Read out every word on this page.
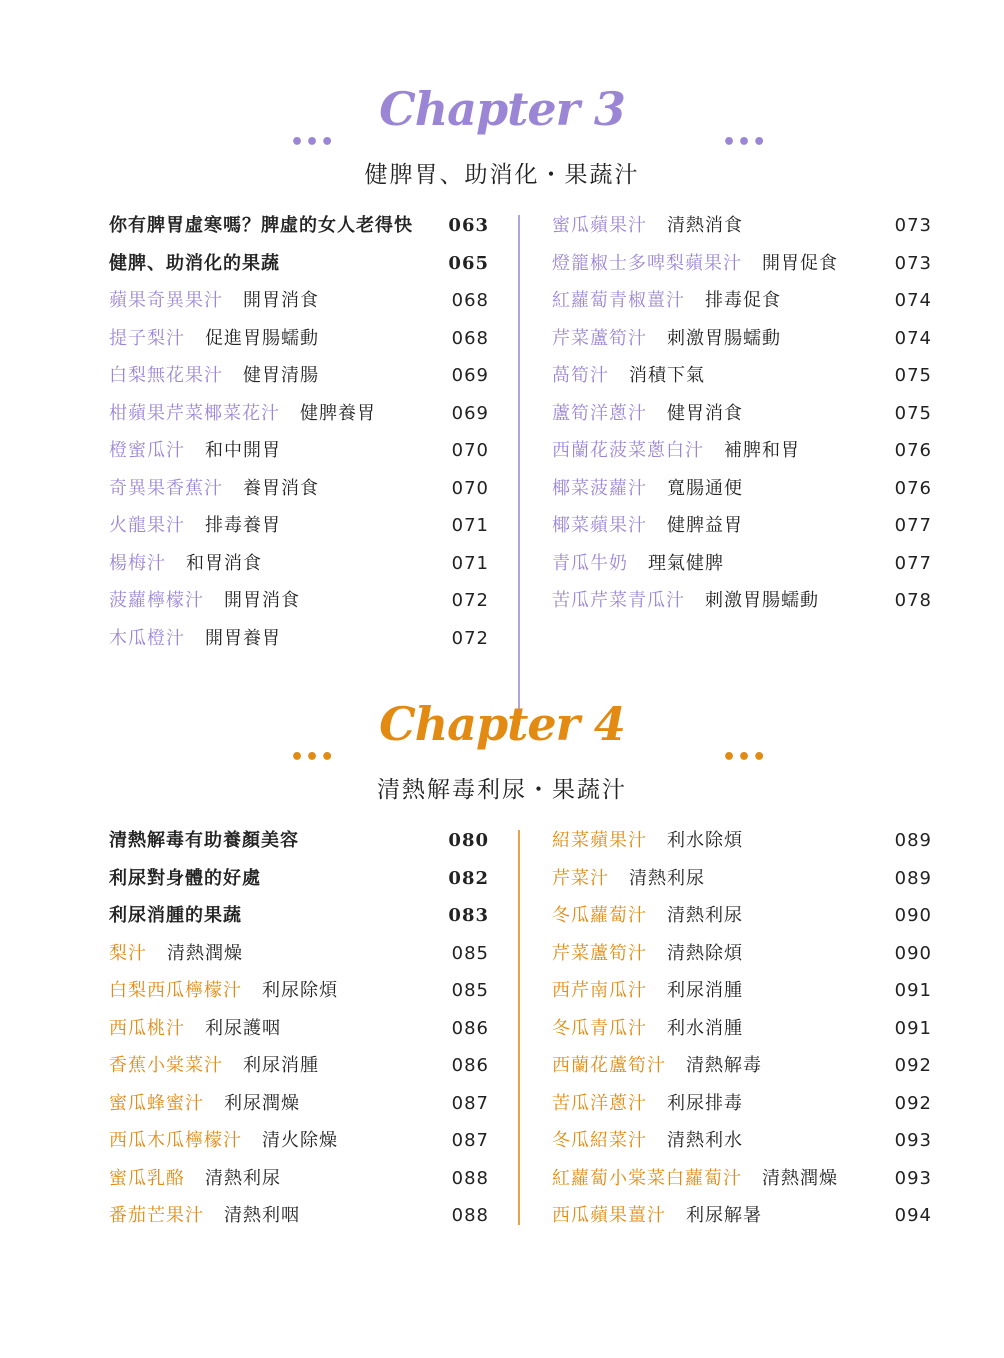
Chapter 3
•••	•••
健脾胃、助消化・果蔬汁
你有脾胃虛寒嗎？脾虛的女人老得快 063
健脾、助消化的果蔬	065
蘋果奇異果汁 開胃消食	068
提子梨汁 促進胃腸蠕動	068
白梨無花果汁 健胃清腸	069
柑蘋果芹菜椰菜花汁 健脾養胃	069
橙蜜瓜汁 和中開胃	070
奇異果香蕉汁 養胃消食	070
火龍果汁 排毒養胃	071
楊梅汁 和胃消食	071
菠蘿檸檬汁 開胃消食	072
木瓜橙汁 開胃養胃	072
蜜瓜蘋果汁 清熱消食	073
燈籠椒士多啤梨蘋果汁 開胃促食	073
紅蘿蔔青椒薑汁 排毒促食	074
芹菜蘆筍汁 刺激胃腸蠕動	074
萵筍汁 消積下氣	075
蘆筍洋蔥汁 健胃消食	075
西蘭花菠菜蔥白汁 補脾和胃	076
椰菜菠蘿汁 寬腸通便	076
椰菜蘋果汁 健脾益胃	077
青瓜牛奶 理氣健脾	077
苦瓜芹菜青瓜汁 刺激胃腸蠕動	078
Chapter 4
•••	•••
清熱解毒利尿・果蔬汁
清熱解毒有助養顏美容	080
利尿對身體的好處	082
利尿消腫的果蔬	083
梨汁 清熱潤燥	085
白梨西瓜檸檬汁 利尿除煩	085
西瓜桃汁 利尿護咽	086
香蕉小棠菜汁 利尿消腫	086
蜜瓜蜂蜜汁 利尿潤燥	087
西瓜木瓜檸檬汁 清火除燥	087
蜜瓜乳酪 清熱利尿	088
番茄芒果汁 清熱利咽	088
紹菜蘋果汁 利水除煩	089
芹菜汁 清熱利尿	089
冬瓜蘿蔔汁 清熱利尿	090
芹菜蘆筍汁 清熱除煩	090
西芹南瓜汁 利尿消腫	091
冬瓜青瓜汁 利水消腫	091
西蘭花蘆筍汁 清熱解毒	092
苦瓜洋蔥汁 利尿排毒	092
冬瓜紹菜汁 清熱利水	093
紅蘿蔔小棠菜白蘿蔔汁 清熱潤燥	093
西瓜蘋果薑汁 利尿解暑	094
